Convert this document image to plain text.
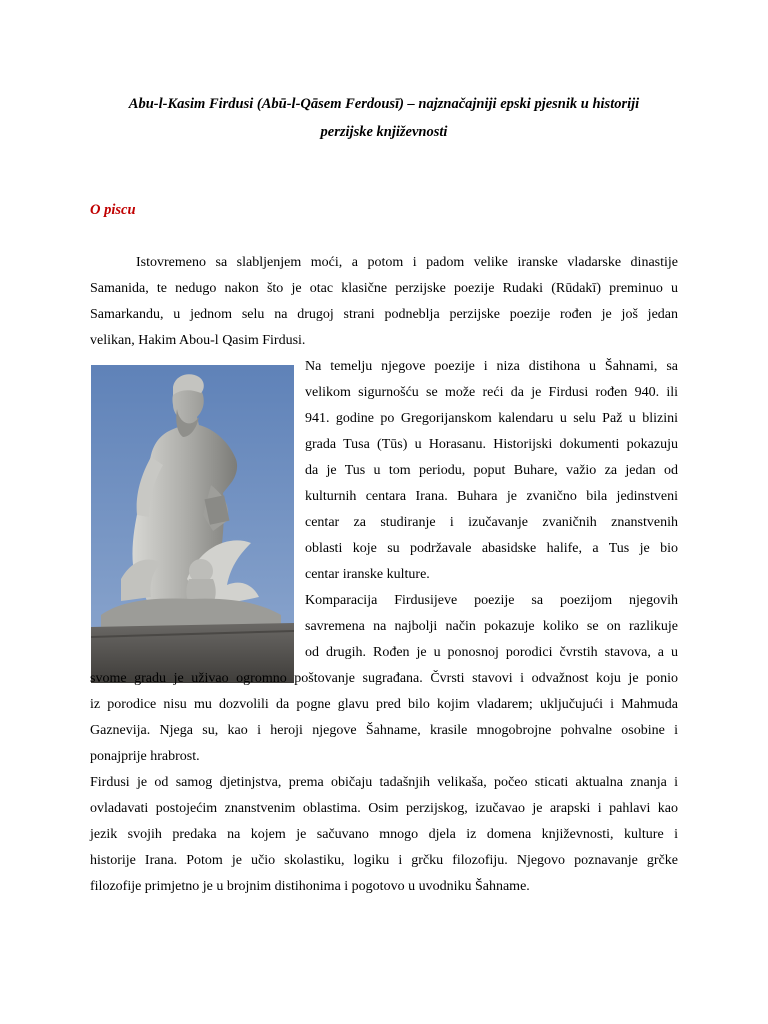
Abu-l-Kasim Firdusi (Abū-l-Qāsem Ferdousī) – najznačajniji epski pjesnik u historiji
perzijske književnosti
O piscu
Istovremeno sa slabljenjem moći, a potom i padom velike iranske vladarske dinastije
Samanida, te nedugo nakon što je otac klasične perzijske poezije Rudaki (Rūdakī) preminuo u
Samarkandu, u jednom selu na drugoj strani podneblja perzijske poezije rođen je još jedan
velikan, Hakim Abou-l Qasim Firdusi.
Na temelju njegove poezije i niza distihona u Šahnami, sa
velikom sigurnošću se može reći da je Firdusi rođen 940. ili
941. godine po Gregorijanskom kalendaru u selu Paž u blizini
grada Tusa (Tūs) u Horasanu. Historijski dokumenti pokazuju
da je Tus u tom periodu, poput Buhare, važio za jedan od
kulturnih centara Irana. Buhara je zvanično bila jedinstveni
centar za studiranje i izučavanje zvaničnih znanstvenih
oblasti koje su podržavale abasidske halife, a Tus je bio
centar iranske kulture.
Komparacija Firdusijeve poezije sa poezijom njegovih
savremena na najbolji način pokazuje koliko se on razlikuje
od drugih. Rođen je u ponosnoj porodici čvrstih stavova, a u
svome gradu je uživao ogromno poštovanje sugrađana. Čvrsti stavovi i odvažnost koju je ponio
iz porodice nisu mu dozvolili da pogne glavu pred bilo kojim vladarem; uključujući i Mahmuda
Gaznevija. Njega su, kao i heroji njegove Šahname, krasile mnogobrojne pohvalne osobine i
ponajprije hrabrost.
Firdusi je od samog djetinjstva, prema običaju tadašnjih velikaša, počeo sticati aktualna znanja i
ovladavati postojećim znanstvenim oblastima. Osim perzijskog, izučavao je arapski i pahlavi kao
jezik svojih predaka na kojem je sačuvano mnogo djela iz domena književnosti, kulture i
historije Irana. Potom je učio skolastiku, logiku i grčku filozofiju. Njegovo poznavanje grčke
filozofije primjetno je u brojnim distihonima i pogotovo u uvodniku Šahname.
